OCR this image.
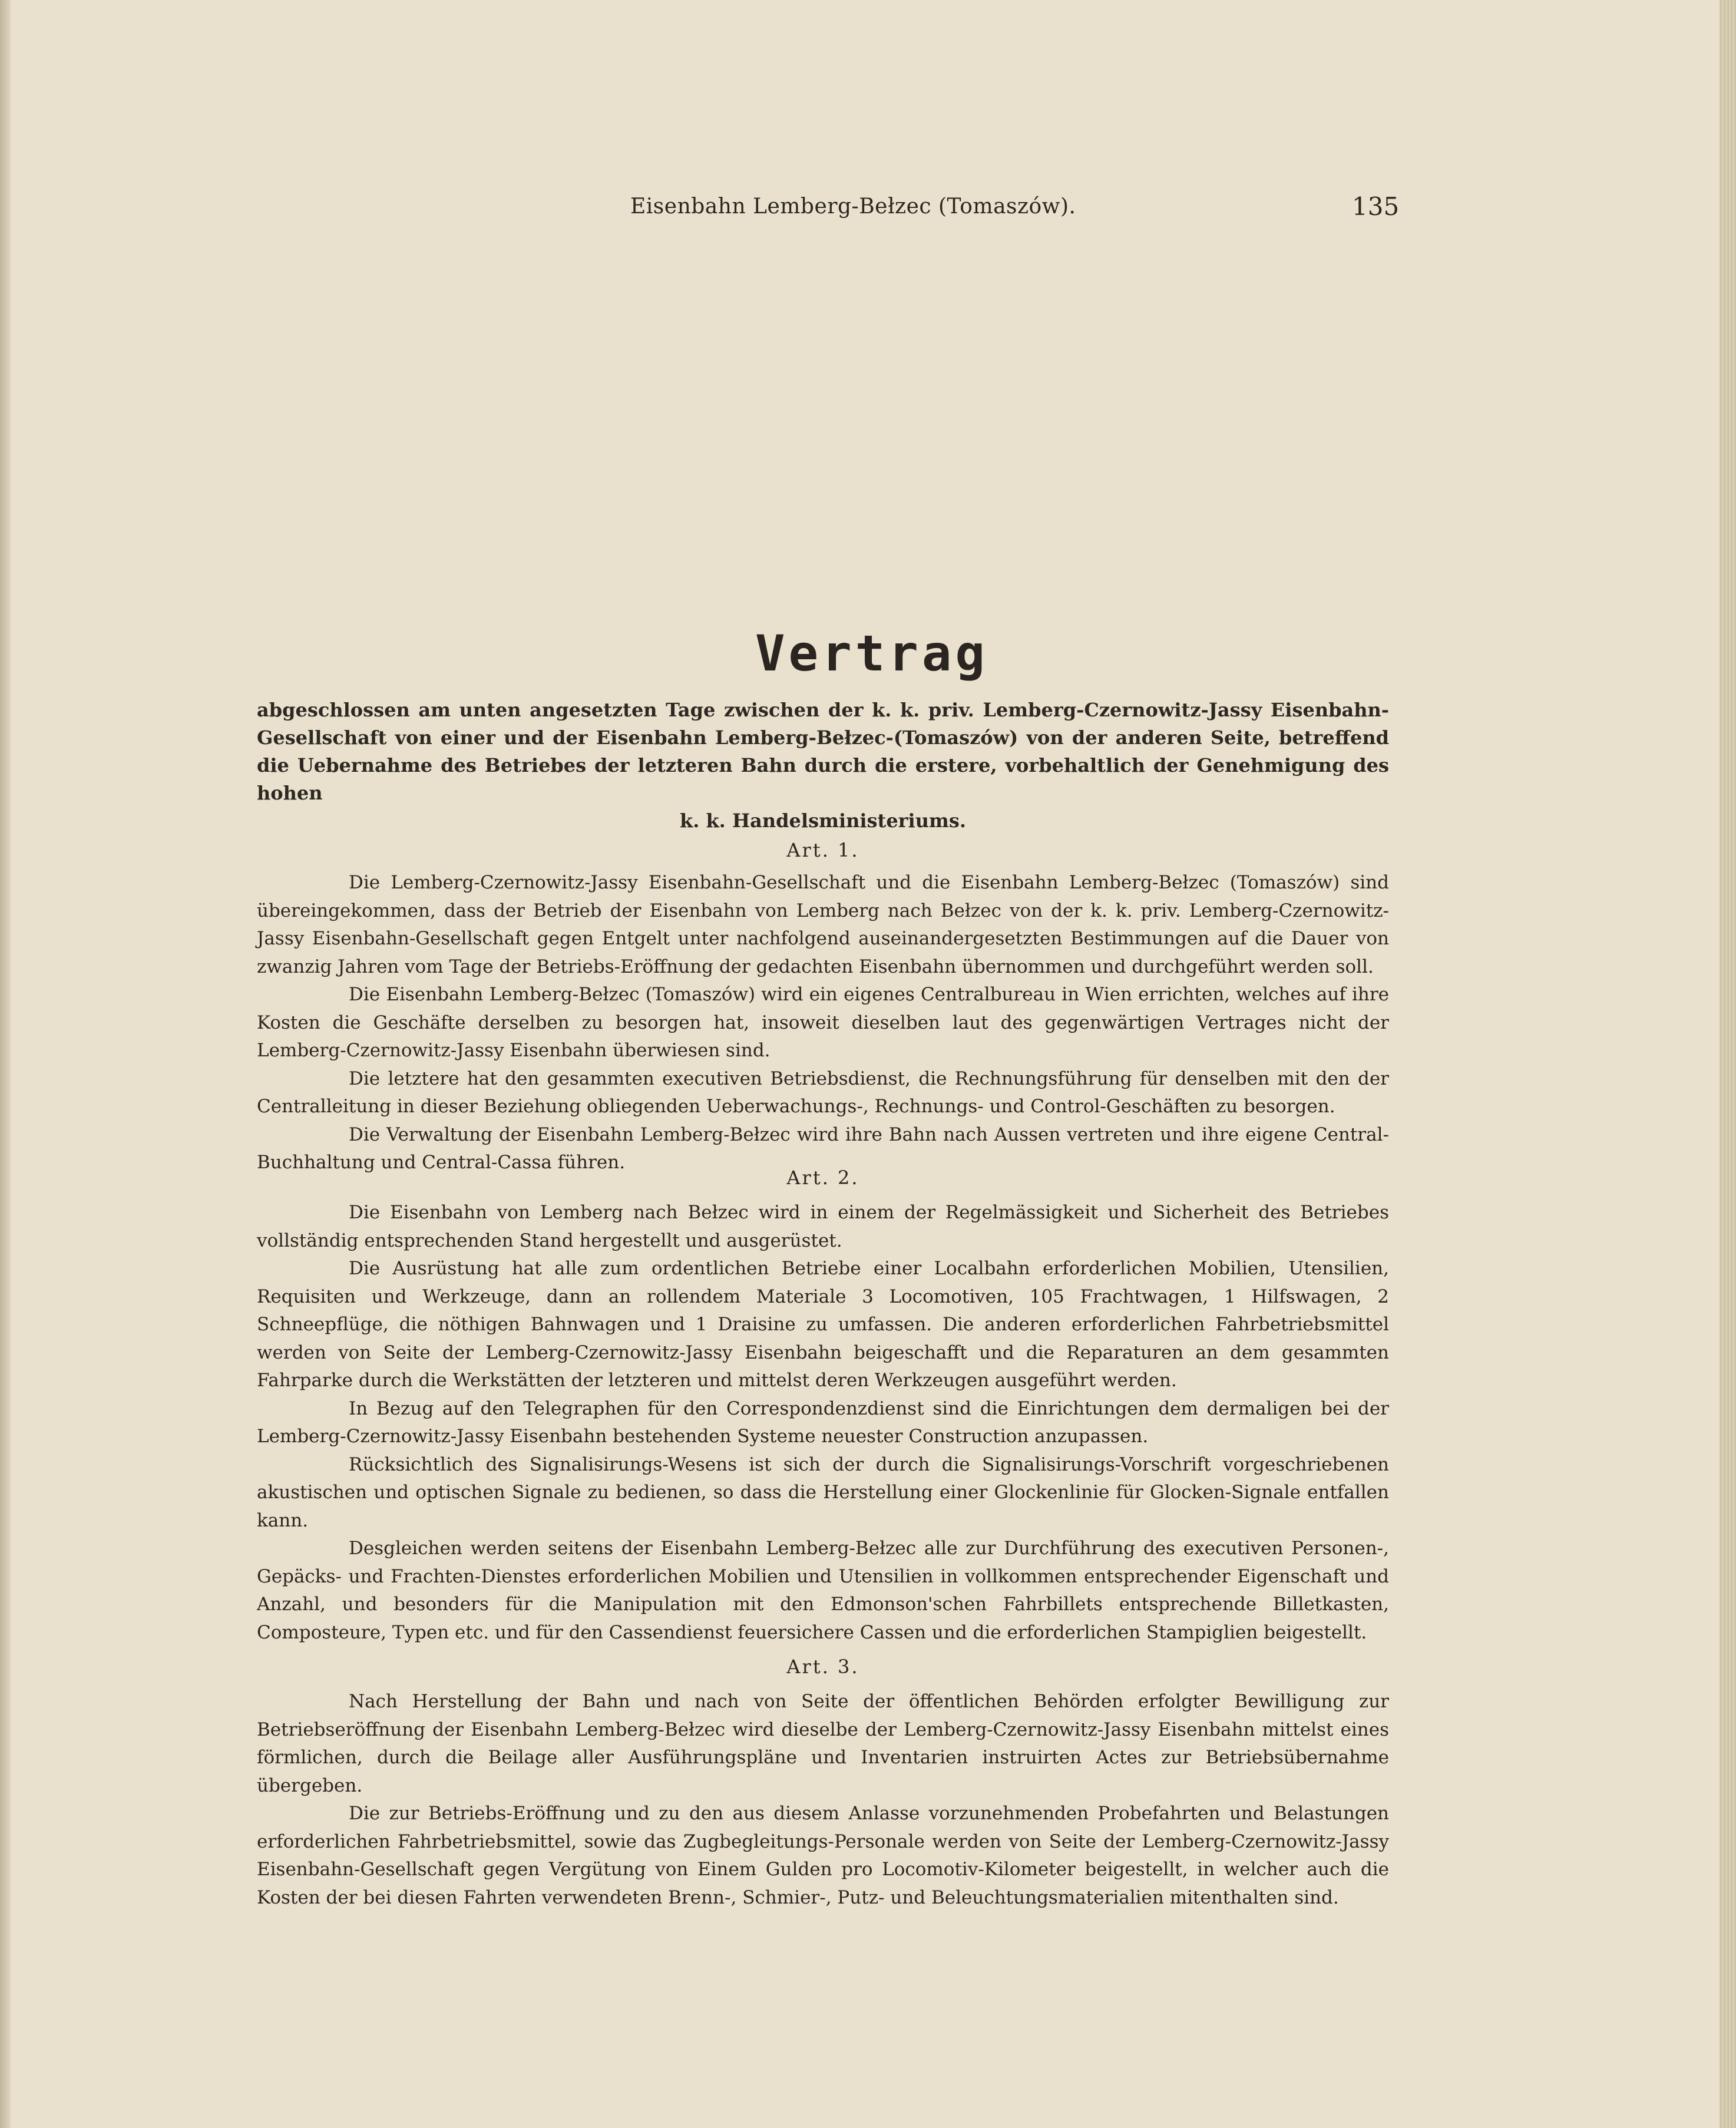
Eisenbahn Lemberg-Bełzec (Tomaszów).	135
Vertrag
abgeschlossen am unten angesetzten Tage zwischen der k. k. priv. Lemberg-Czernowitz-Jassy Eisenbahn-Gesellschaft von einer und der Eisenbahn Lemberg-Bełzec-(Tomaszów) von der anderen Seite, betreffend die Uebernahme des Betriebes der letzteren Bahn durch die erstere, vorbehaltlich der Genehmigung des hohen
k. k. Handelsministeriums.
Art. 1.

Die Lemberg-Czernowitz-Jassy Eisenbahn-Gesellschaft und die Eisenbahn Lemberg-Bełzec (Tomaszów) sind übereingekommen, dass der Betrieb der Eisenbahn von Lemberg nach Bełzec von der k. k. priv. Lemberg-Czernowitz-Jassy Eisenbahn-Gesellschaft gegen Entgelt unter nachfolgend auseinandergesetzten Bestimmungen auf die Dauer von zwanzig Jahren vom Tage der Betriebs-Eröffnung der gedachten Eisenbahn übernommen und durchgeführt werden soll.

Die Eisenbahn Lemberg-Bełzec (Tomaszów) wird ein eigenes Centralbureau in Wien errichten, welches auf ihre Kosten die Geschäfte derselben zu besorgen hat, insoweit dieselben laut des gegenwärtigen Vertrages nicht der Lemberg-Czernowitz-Jassy Eisenbahn überwiesen sind.

Die letztere hat den gesammten executiven Betriebsdienst, die Rechnungsführung für denselben mit den der Centralleitung in dieser Beziehung obliegenden Ueberwachungs-, Rechnungs- und Control-Geschäften zu besorgen.

Die Verwaltung der Eisenbahn Lemberg-Bełzec wird ihre Bahn nach Aussen vertreten und ihre eigene Central-Buchhaltung und Central-Cassa führen.

Art. 2.

Die Eisenbahn von Lemberg nach Bełzec wird in einem der Regelmässigkeit und Sicherheit des Betriebes vollständig entsprechenden Stand hergestellt und ausgerüstet.

Die Ausrüstung hat alle zum ordentlichen Betriebe einer Localbahn erforderlichen Mobilien, Utensilien, Requisiten und Werkzeuge, dann an rollendem Materiale 3 Locomotiven, 105 Frachtwagen, 1 Hilfswagen, 2 Schneepflüge, die nöthigen Bahnwagen und 1 Draisine zu umfassen. Die anderen erforderlichen Fahrbetriebsmittel werden von Seite der Lemberg-Czernowitz-Jassy Eisenbahn beigeschafft und die Reparaturen an dem gesammten Fahrparke durch die Werkstätten der letzteren und mittelst deren Werkzeugen ausgeführt werden.

In Bezug auf den Telegraphen für den Correspondenzdienst sind die Einrichtungen dem dermaligen bei der Lemberg-Czernowitz-Jassy Eisenbahn bestehenden Systeme neuester Construction anzupassen.

Rücksichtlich des Signalisirungs-Wesens ist sich der durch die Signalisirungs-Vorschrift vorgeschriebenen akustischen und optischen Signale zu bedienen, so dass die Herstellung einer Glockenlinie für Glocken-Signale entfallen kann.

Desgleichen werden seitens der Eisenbahn Lemberg-Bełzec alle zur Durchführung des executiven Personen-, Gepäcks- und Frachten-Dienstes erforderlichen Mobilien und Utensilien in vollkommen entsprechender Eigenschaft und Anzahl, und besonders für die Manipulation mit den Edmonson'schen Fahrbillets entsprechende Billetkasten, Composteure, Typen etc. und für den Cassendienst feuersichere Cassen und die erforderlichen Stampiglien beigestellt.

Art. 3.

Nach Herstellung der Bahn und nach von Seite der öffentlichen Behörden erfolgter Bewilligung zur Betriebseröffnung der Eisenbahn Lemberg-Bełzec wird dieselbe der Lemberg-Czernowitz-Jassy Eisenbahn mittelst eines förmlichen, durch die Beilage aller Ausführungspläne und Inventarien instruirten Actes zur Betriebsübernahme übergeben.

Die zur Betriebs-Eröffnung und zu den aus diesem Anlasse vorzunehmenden Probefahrten und Belastungen erforderlichen Fahrbetriebsmittel, sowie das Zugbegleitungs-Personale werden von Seite der Lemberg-Czernowitz-Jassy Eisenbahn-Gesellschaft gegen Vergütung von Einem Gulden pro Locomotiv-Kilometer beigestellt, in welcher auch die Kosten der bei diesen Fahrten verwendeten Brenn-, Schmier-, Putz- und Beleuchtungsmaterialien mitenthalten sind.
